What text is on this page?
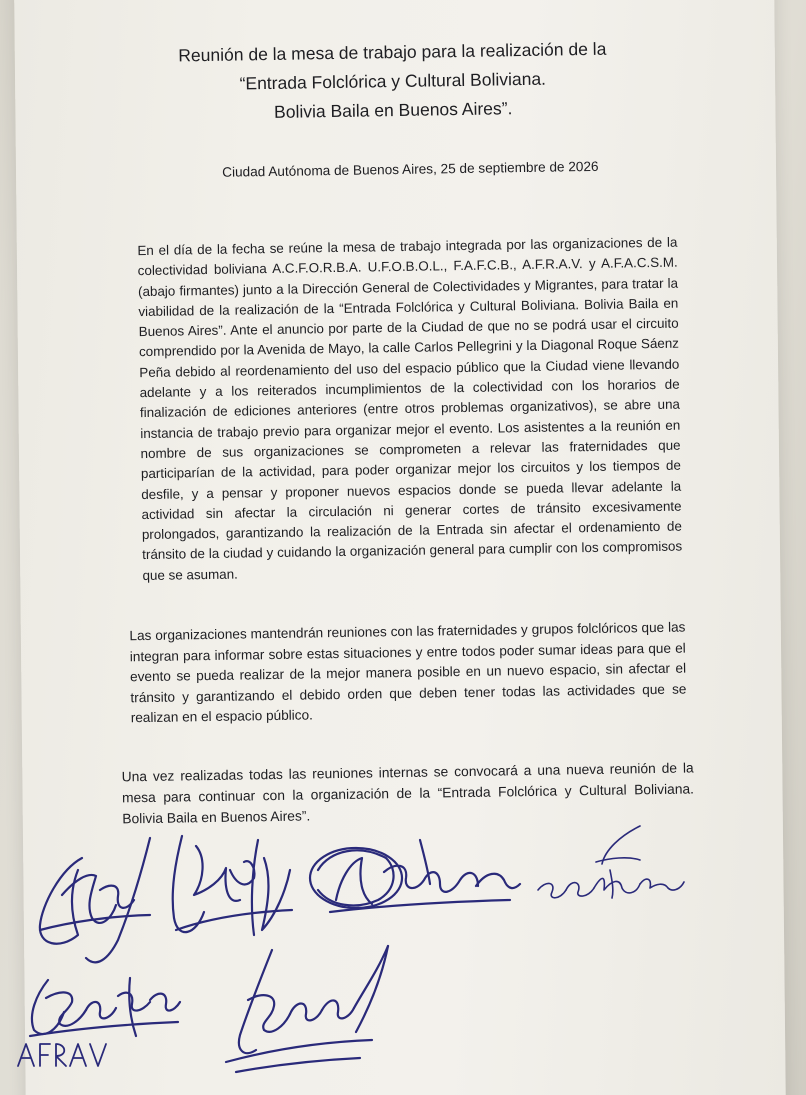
Reunión de la mesa de trabajo para la realización de la
“Entrada Folclórica y Cultural Boliviana.
Bolivia Baila en Buenos Aires”.

Ciudad Autónoma de Buenos Aires, 25 de septiembre de 2026

En el día de la fecha se reúne la mesa de trabajo integrada por las organizaciones de la colectividad boliviana A.C.F.O.R.B.A. U.F.O.B.O.L., F.A.F.C.B., A.F.R.A.V. y A.F.A.C.S.M. (abajo firmantes) junto a la Dirección General de Colectividades y Migrantes, para tratar la viabilidad de la realización de la “Entrada Folclórica y Cultural Boliviana. Bolivia Baila en Buenos Aires”. Ante el anuncio por parte de la Ciudad de que no se podrá usar el circuito comprendido por la Avenida de Mayo, la calle Carlos Pellegrini y la Diagonal Roque Sáenz Peña debido al reordenamiento del uso del espacio público que la Ciudad viene llevando adelante y a los reiterados incumplimientos de la colectividad con los horarios de finalización de ediciones anteriores (entre otros problemas organizativos), se abre una instancia de trabajo previo para organizar mejor el evento. Los asistentes a la reunión en nombre de sus organizaciones se comprometen a relevar las fraternidades que participarían de la actividad, para poder organizar mejor los circuitos y los tiempos de desfile, y a pensar y proponer nuevos espacios donde se pueda llevar adelante la actividad sin afectar la circulación ni generar cortes de tránsito excesivamente prolongados, garantizando la realización de la Entrada sin afectar el ordenamiento de tránsito de la ciudad y cuidando la organización general para cumplir con los compromisos que se asuman.

Las organizaciones mantendrán reuniones con las fraternidades y grupos folclóricos que las integran para informar sobre estas situaciones y entre todos poder sumar ideas para que el evento se pueda realizar de la mejor manera posible en un nuevo espacio, sin afectar el tránsito y garantizando el debido orden que deben tener todas las actividades que se realizan en el espacio público.

Una vez realizadas todas las reuniones internas se convocará a una nueva reunión de la mesa para continuar con la organización de la “Entrada Folclórica y Cultural Boliviana. Bolivia Baila en Buenos Aires”.
